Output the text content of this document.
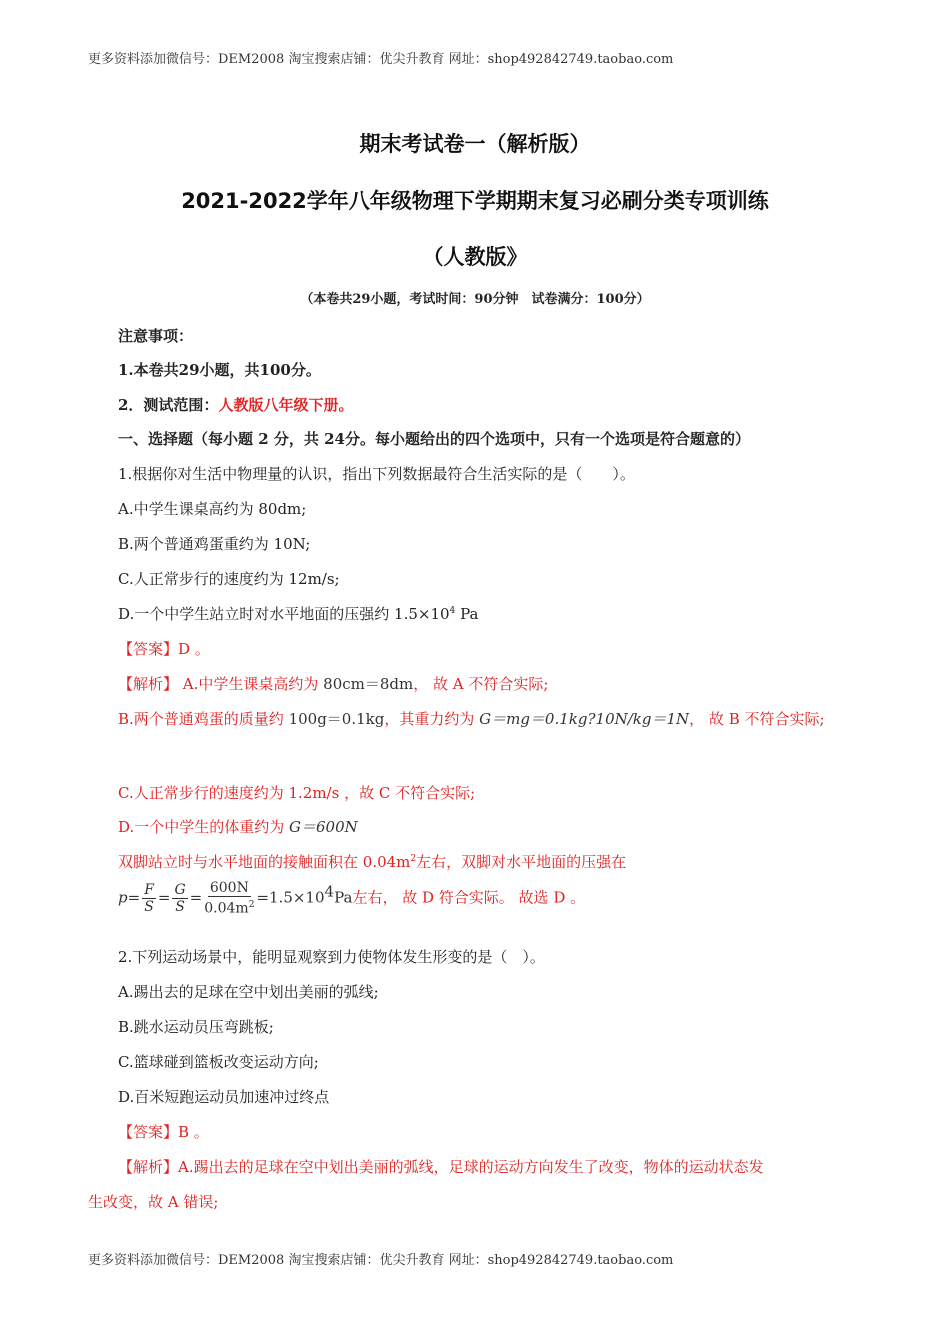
更多资料添加微信号：DEM2008 淘宝搜索店铺：优尖升教育 网址：shop492842749.taobao.com
期末考试卷一（解析版）
2021-2022学年八年级物理下学期期末复习必刷分类专项训练
（人教版》
（本卷共29小题，考试时间：90分钟　试卷满分：100分）
注意事项：
1.本卷共29小题，共100分。
2．测试范围：人教版八年级下册。
一、选择题（每小题 2 分，共 24分。每小题给出的四个选项中，只有一个选项是符合题意的）
1.根据你对生活中物理量的认识，指出下列数据最符合生活实际的是（　　）。
A.中学生课桌高约为 80dm;
B.两个普通鸡蛋重约为 10N;
C.人正常步行的速度约为 12m/s;
D.一个中学生站立时对水平地面的压强约 $1.5\times 10^4$ Pa
【答案】D 。
【解析】 A.中学生课桌高约为 80cm＝8dm， 故 A 不符合实际;
B.两个普通鸡蛋的质量约 100g＝0.1kg，其重力约为 G＝mg＝0.1kg?10N/kg＝1N， 故 B 不符合实际;
C.人正常步行的速度约为 1.2m/s ，故 C 不符合实际;
D.一个中学生的体重约为 G＝600N
双脚站立时与水平地面的接触面积在 $0.04m^2$左右，双脚对水平地面的压强在
$p= \frac{F}{S} = \frac{G}{S} = \frac{600N}{0.04m^2} =1.5\times 10^4Pa$左右， 故 D 符合实际。 故选 D 。
2.下列运动场景中，能明显观察到力使物体发生形变的是（　）。
A.踢出去的足球在空中划出美丽的弧线;
B.跳水运动员压弯跳板;
C.篮球碰到篮板改变运动方向;
D.百米短跑运动员加速冲过终点
【答案】B 。
【解析】A.踢出去的足球在空中划出美丽的弧线，足球的运动方向发生了改变，物体的运动状态发
生改变，故 A 错误;
更多资料添加微信号：DEM2008 淘宝搜索店铺：优尖升教育 网址：shop492842749.taobao.com
